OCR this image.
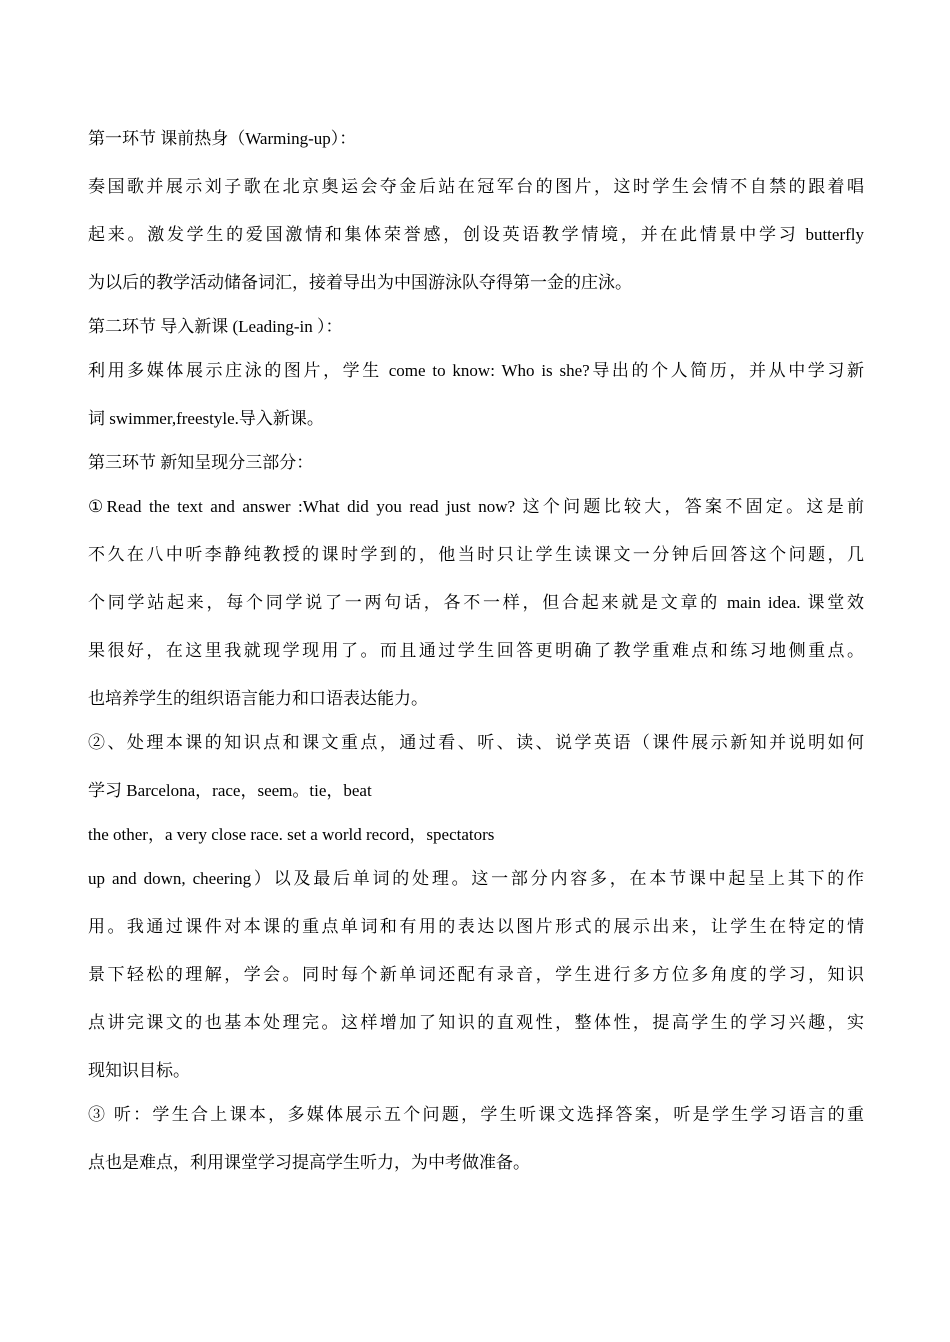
第一环节 课前热身（Warming-up）：
奏国歌并展示刘子歌在北京奥运会夺金后站在冠军台的图片，这时学生会情不自禁的跟着唱
起来。激发学生的爱国激情和集体荣誉感，创设英语教学情境，并在此情景中学习 butterfly
为以后的教学活动储备词汇，接着导出为中国游泳队夺得第一金的庄泳。
第二环节 导入新课 (Leading-in ）：
利用多媒体展示庄泳的图片，学生 come to know: Who is she?导出的个人简历，并从中学习新
词 swimmer,freestyle.导入新课。
第三环节 新知呈现分三部分：
①Read the text and answer :What did you read just now? 这个问题比较大，答案不固定。这是前
不久在八中听李静纯教授的课时学到的，他当时只让学生读课文一分钟后回答这个问题，几
个同学站起来，每个同学说了一两句话，各不一样，但合起来就是文章的 main idea. 课堂效
果很好，在这里我就现学现用了。而且通过学生回答更明确了教学重难点和练习地侧重点。
也培养学生的组织语言能力和口语表达能力。
②、处理本课的知识点和课文重点，通过看、听、读、说学英语（课件展示新知并说明如何
学习 Barcelona，race，seem。tie，beat
the other，a very close race. set a world record，spectators
up and down, cheering）以及最后单词的处理。这一部分内容多，在本节课中起呈上其下的作
用。我通过课件对本课的重点单词和有用的表达以图片形式的展示出来，让学生在特定的情
景下轻松的理解，学会。同时每个新单词还配有录音，学生进行多方位多角度的学习，知识
点讲完课文的也基本处理完。这样增加了知识的直观性，整体性，提高学生的学习兴趣，实
现知识目标。
③ 听：学生合上课本，多媒体展示五个问题，学生听课文选择答案，听是学生学习语言的重
点也是难点，利用课堂学习提高学生听力，为中考做准备。
